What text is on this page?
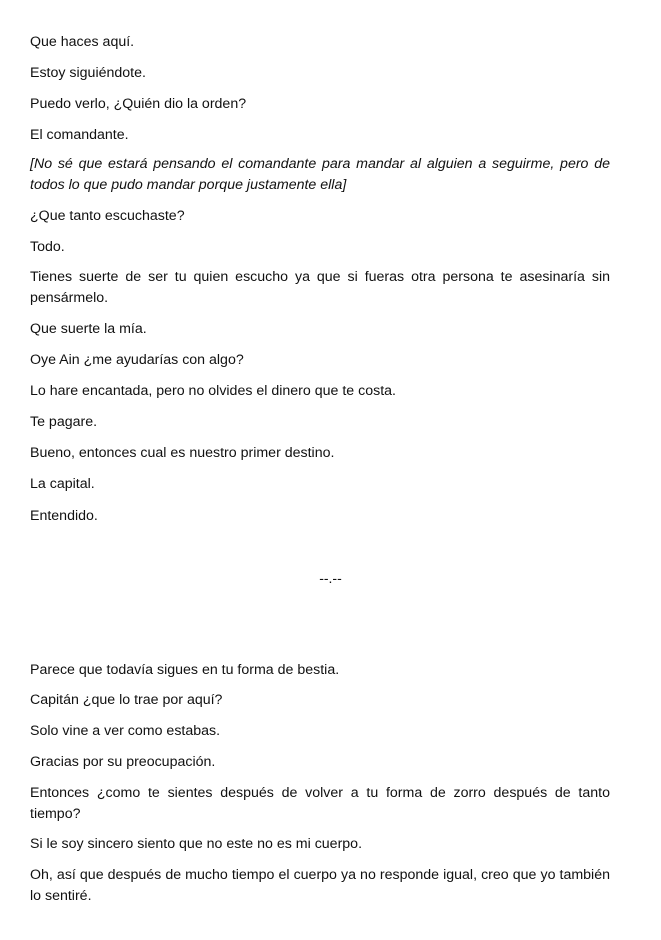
Que haces aquí.

Estoy siguiéndote.

Puedo verlo, ¿Quién dio la orden?

El comandante.

[No sé que estará pensando el comandante para mandar al alguien a seguirme, pero de todos lo que pudo mandar porque justamente ella]

¿Que tanto escuchaste?

Todo.

Tienes suerte de ser tu quien escucho ya que si fueras otra persona te asesinaría sin pensármelo.

Que suerte la mía.

Oye Ain ¿me ayudarías con algo?

Lo hare encantada, pero no olvides el dinero que te costa.

Te pagare.

Bueno, entonces cual es nuestro primer destino.

La capital.

Entendido.

--.--

Parece que todavía sigues en tu forma de bestia.

Capitán ¿que lo trae por aquí?

Solo vine a ver como estabas.

Gracias por su preocupación.

Entonces ¿como te sientes después de volver a tu forma de zorro después de tanto tiempo?

Si le soy sincero siento que no este no es mi cuerpo.

Oh, así que después de mucho tiempo el cuerpo ya no responde igual, creo que yo también lo sentiré.
